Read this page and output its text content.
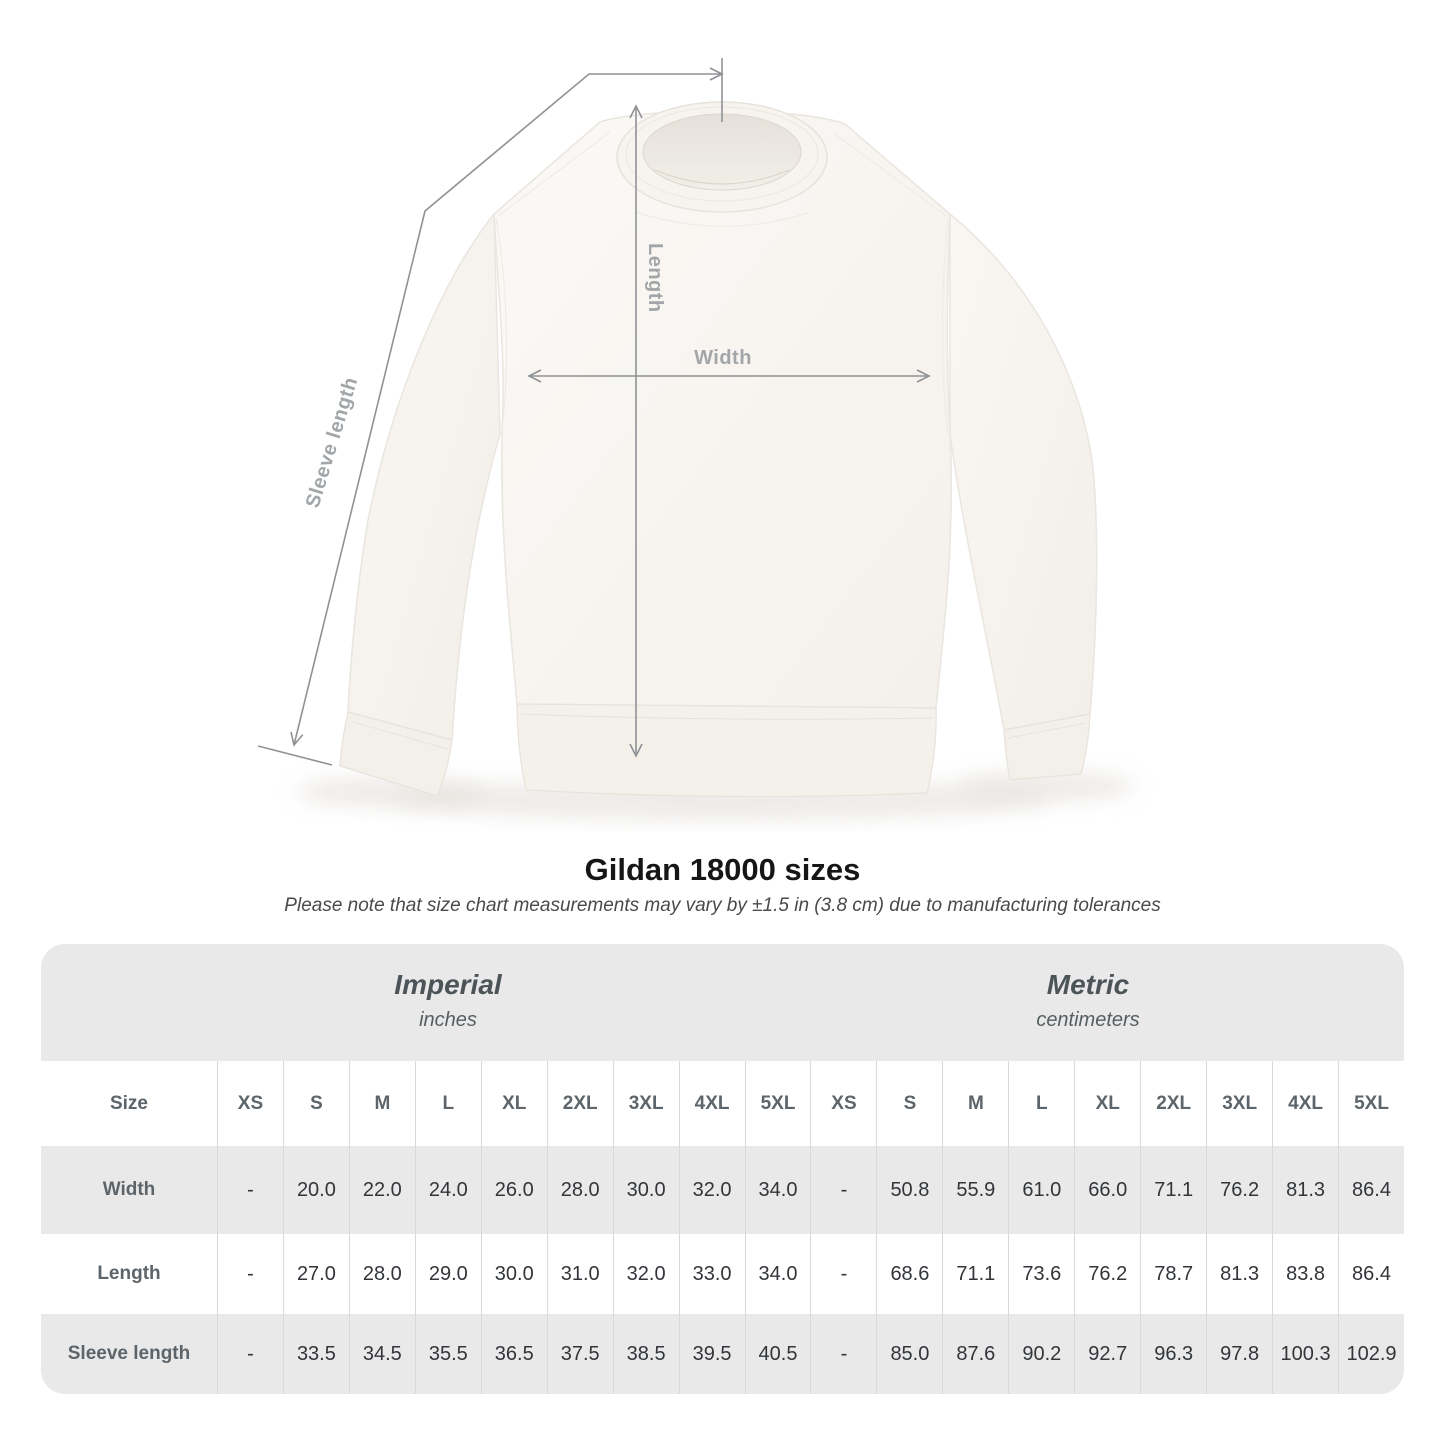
Width
Length
Sleeve length
Gildan 18000 sizes

Please note that size chart measurements may vary by ±1.5 in (3.8 cm) due to manufacturing tolerances

Imperial
inches
Metric
centimeters
Size	XS	S	M	L	XL	2XL	3XL	4XL	5XL	XS	S	M	L	XL	2XL	3XL	4XL	5XL
Width	-	20.0	22.0	24.0	26.0	28.0	30.0	32.0	34.0	-	50.8	55.9	61.0	66.0	71.1	76.2	81.3	86.4
Length	-	27.0	28.0	29.0	30.0	31.0	32.0	33.0	34.0	-	68.6	71.1	73.6	76.2	78.7	81.3	83.8	86.4
Sleeve length	-	33.5	34.5	35.5	36.5	37.5	38.5	39.5	40.5	-	85.0	87.6	90.2	92.7	96.3	97.8	100.3 102.9
